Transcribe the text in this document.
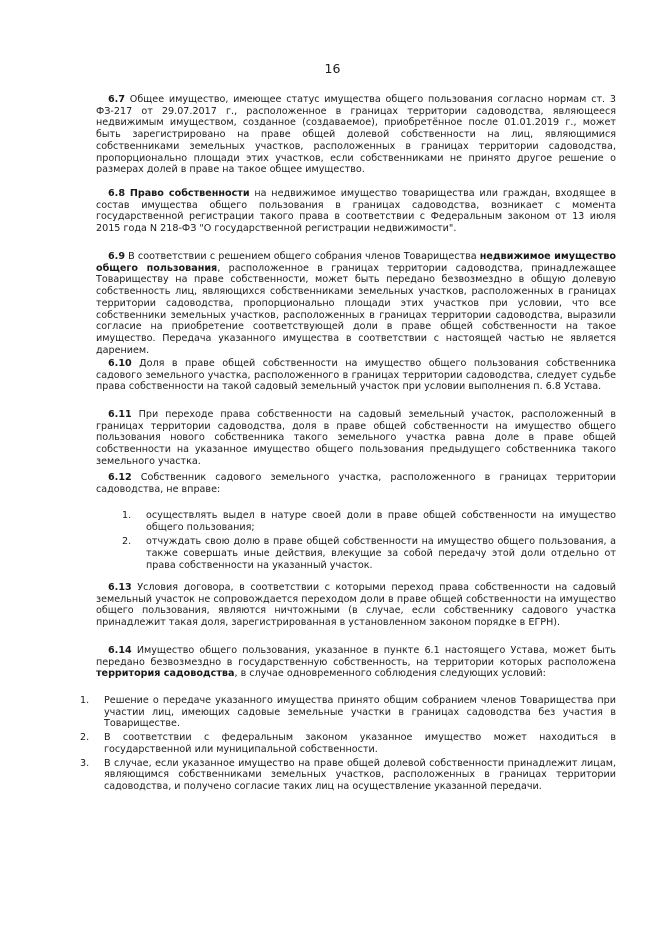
16

6.7 Общее имущество, имеющее статус имущества общего пользования согласно нормам ст. 3 ФЗ-217 от 29.07.2017 г., расположенное в границах территории садоводства, являющееся недвижимым имуществом, созданное (создаваемое), приобретённое после 01.01.2019 г., может быть зарегистрировано на праве общей долевой собственности на лиц, являющимися собственниками земельных участков, расположенных в границах территории садоводства, пропорционально площади этих участков, если собственниками не принято другое решение о размерах долей в праве на такое общее имущество.

6.8 Право собственности на недвижимое имущество товарищества или граждан, входящее в состав имущества общего пользования в границах садоводства, возникает с момента государственной регистрации такого права в соответствии с Федеральным законом от 13 июля 2015 года N 218-ФЗ "О государственной регистрации недвижимости".

6.9 В соответствии с решением общего собрания членов Товарищества недвижимое имущество общего пользования, расположенное в границах территории садоводства, принадлежащее Товариществу на праве собственности, может быть передано безвозмездно в общую долевую собственность лиц, являющихся собственниками земельных участков, расположенных в границах территории садоводства, пропорционально площади этих участков при условии, что все собственники земельных участков, расположенных в границах территории садоводства, выразили согласие на приобретение соответствующей доли в праве общей собственности на такое имущество. Передача указанного имущества в соответствии с настоящей частью не является дарением.

6.10 Доля в праве общей собственности на имущество общего пользования собственника садового земельного участка, расположенного в границах территории садоводства, следует судьбе права собственности на такой садовый земельный участок при условии выполнения п. 6.8 Устава.

6.11 При переходе права собственности на садовый земельный участок, расположенный в границах территории садоводства, доля в праве общей собственности на имущество общего пользования нового собственника такого земельного участка равна доле в праве общей собственности на указанное имущество общего пользования предыдущего собственника такого земельного участка.

6.12 Собственник садового земельного участка, расположенного в границах территории садоводства, не вправе:

1. осуществлять выдел в натуре своей доли в праве общей собственности на имущество общего пользования;
2. отчуждать свою долю в праве общей собственности на имущество общего пользования, а также совершать иные действия, влекущие за собой передачу этой доли отдельно от права собственности на указанный участок.

6.13 Условия договора, в соответствии с которыми переход права собственности на садовый земельный участок не сопровождается переходом доли в праве общей собственности на имущество общего пользования, являются ничтожными (в случае, если собственнику садового участка принадлежит такая доля, зарегистрированная в установленном законом порядке в ЕГРН).

6.14 Имущество общего пользования, указанное в пункте 6.1 настоящего Устава, может быть передано безвозмездно в государственную собственность, на территории которых расположена территория садоводства, в случае одновременного соблюдения следующих условий:

1. Решение о передаче указанного имущества принято общим собранием членов Товарищества при участии лиц, имеющих садовые земельные участки в границах садоводства без участия в Товариществе.
2. В соответствии с федеральным законом указанное имущество может находиться в государственной или муниципальной собственности.
3. В случае, если указанное имущество на праве общей долевой собственности принадлежит лицам, являющимся собственниками земельных участков, расположенных в границах территории садоводства, и получено согласие таких лиц на осуществление указанной передачи.
